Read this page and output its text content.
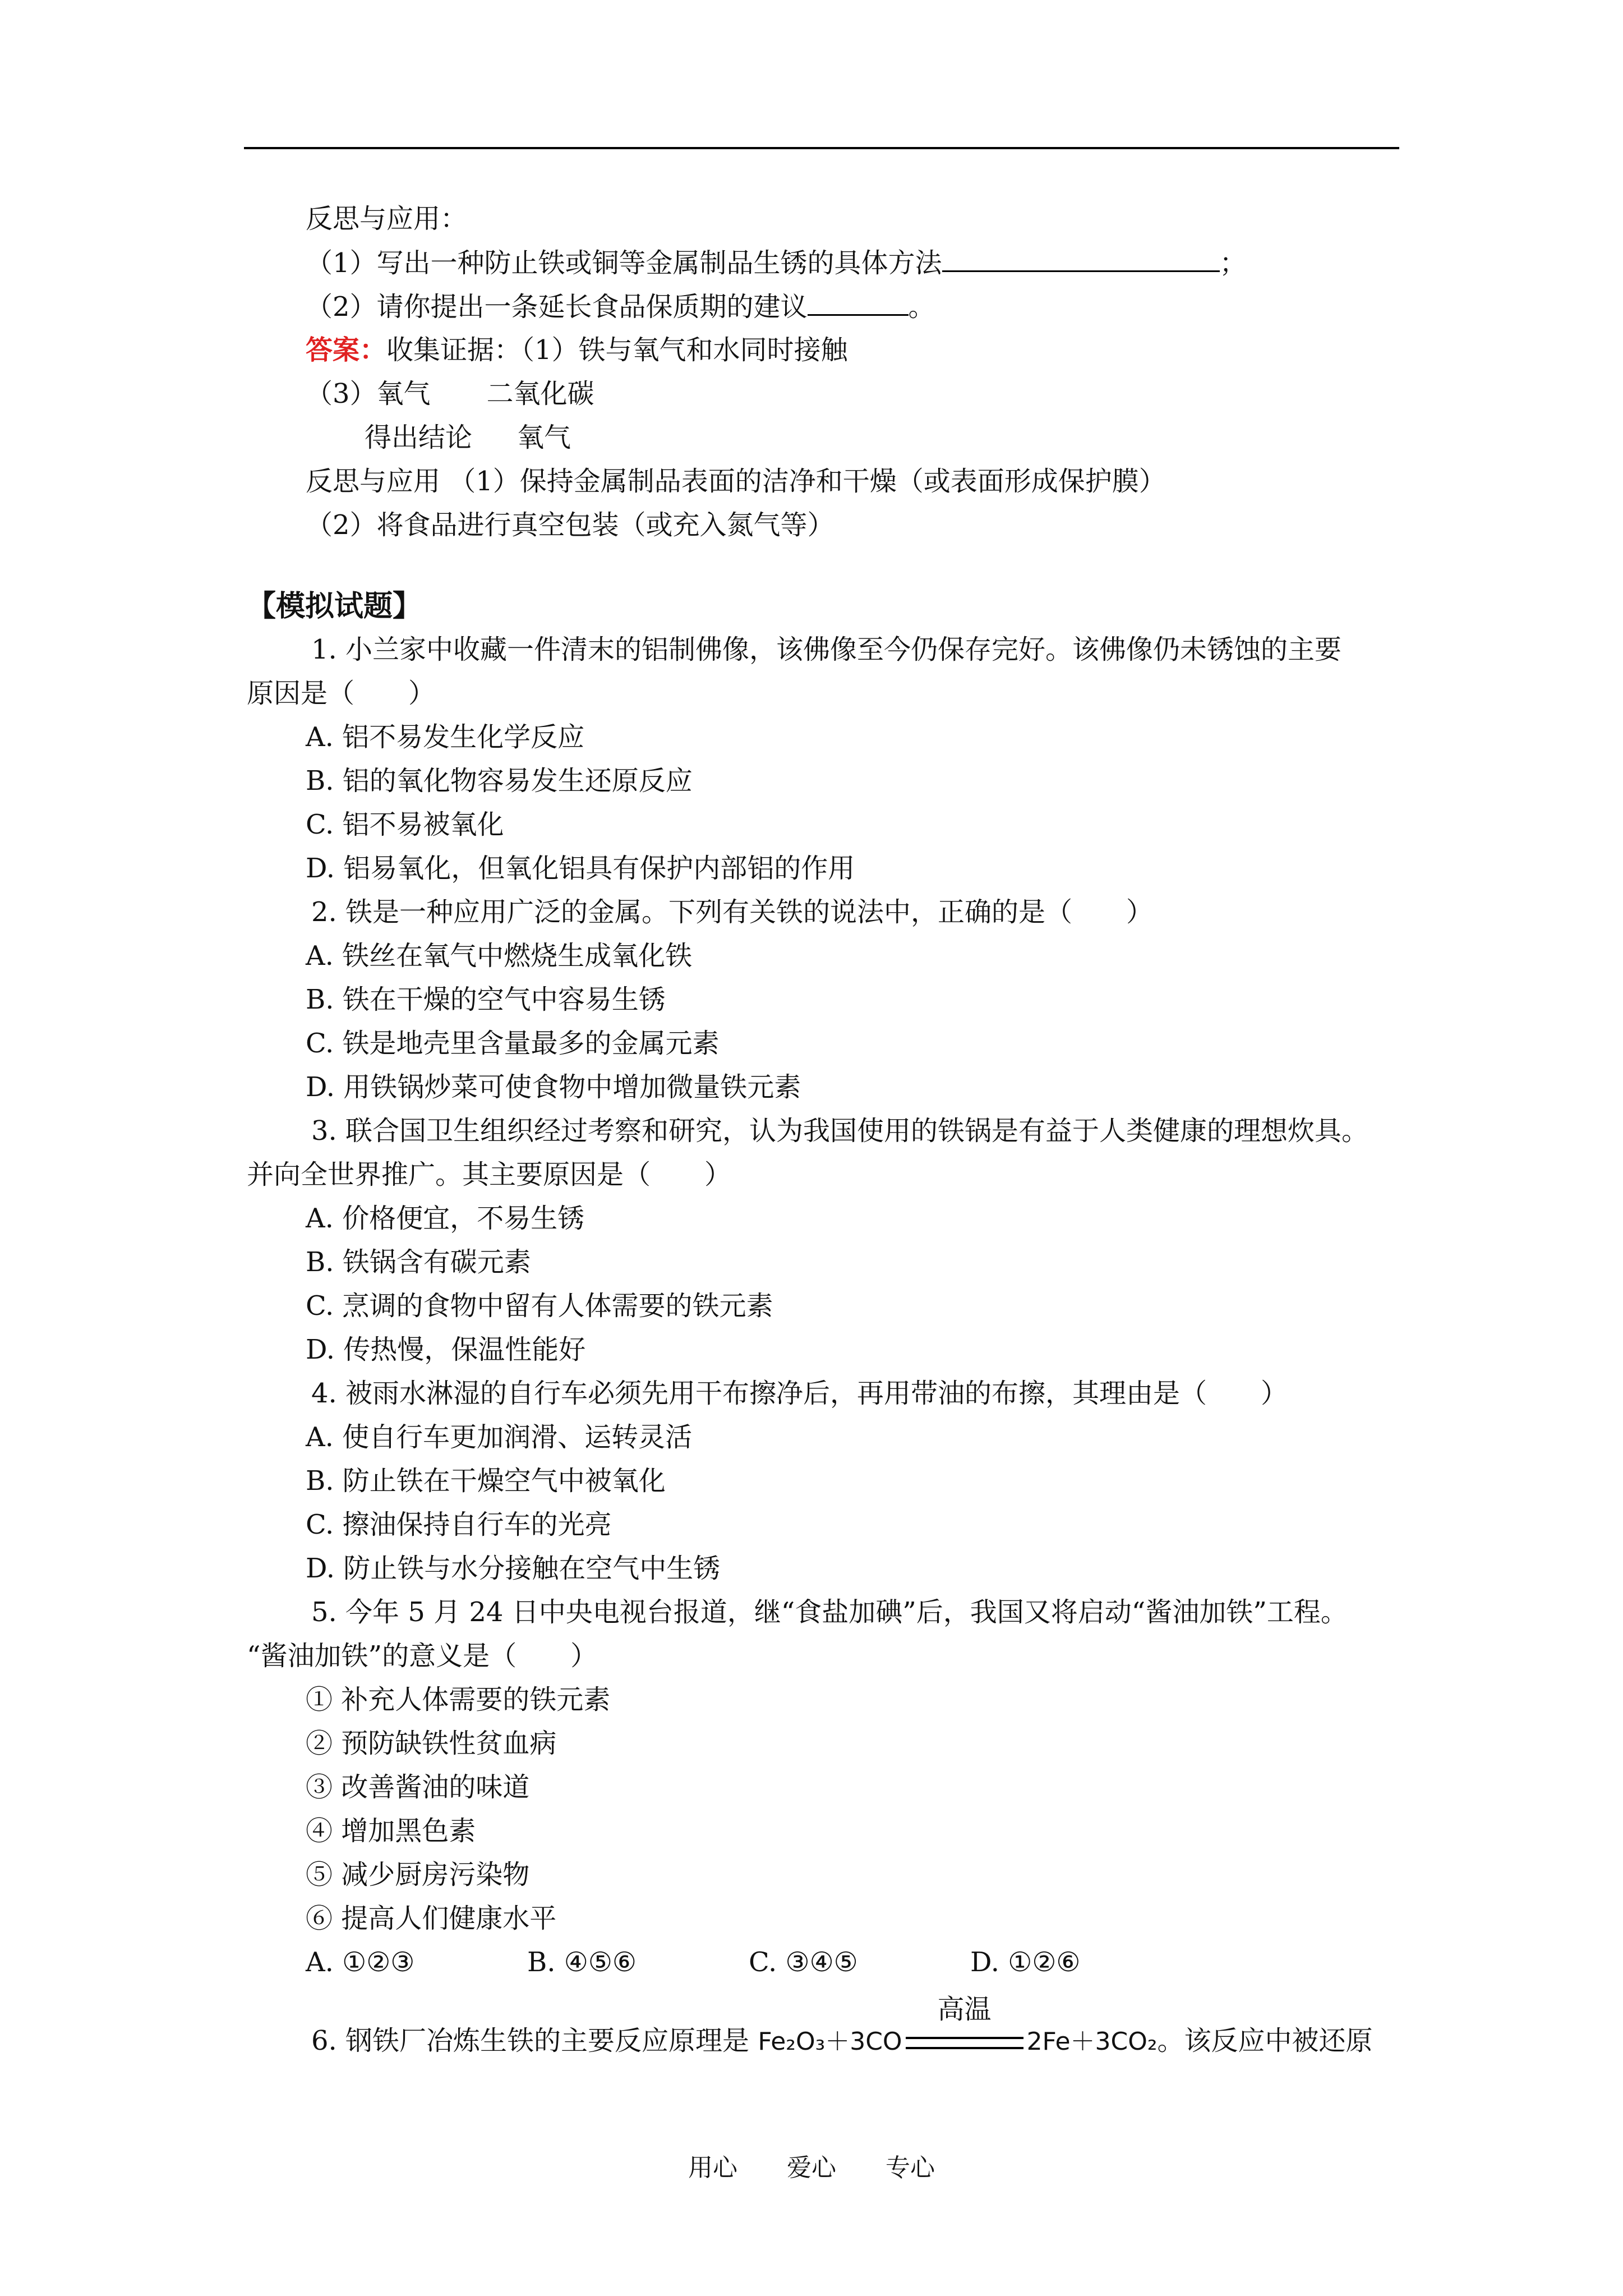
反思与应用：
（1）写出一种防止铁或铜等金属制品生锈的具体方法	；
（2）请你提出一条延长食品保质期的建议	。
答案：收集证据：（1）铁与氧气和水同时接触
（3）氧气 二氧化碳
得出结论 氧气
反思与应用 （1）保持金属制品表面的洁净和干燥（或表面形成保护膜）
（2）将食品进行真空包装（或充入氮气等）
【模拟试题】
1. 小兰家中收藏一件清末的铝制佛像，该佛像至今仍保存完好。该佛像仍未锈蚀的主要
原因是（　　）
A. 铝不易发生化学反应
B. 铝的氧化物容易发生还原反应
C. 铝不易被氧化
D. 铝易氧化，但氧化铝具有保护内部铝的作用
2. 铁是一种应用广泛的金属。下列有关铁的说法中，正确的是（　　）
A. 铁丝在氧气中燃烧生成氧化铁
B. 铁在干燥的空气中容易生锈
C. 铁是地壳里含量最多的金属元素
D. 用铁锅炒菜可使食物中增加微量铁元素
3. 联合国卫生组织经过考察和研究，认为我国使用的铁锅是有益于人类健康的理想炊具。
并向全世界推广。其主要原因是（　　）
A. 价格便宜，不易生锈
B. 铁锅含有碳元素
C. 烹调的食物中留有人体需要的铁元素
D. 传热慢，保温性能好
4. 被雨水淋湿的自行车必须先用干布擦净后，再用带油的布擦，其理由是（　　）
A. 使自行车更加润滑、运转灵活
B. 防止铁在干燥空气中被氧化
C. 擦油保持自行车的光亮
D. 防止铁与水分接触在空气中生锈
5. 今年 5 月 24 日中央电视台报道，继“食盐加碘”后，我国又将启动“酱油加铁”工程。
“酱油加铁”的意义是（　　）
① 补充人体需要的铁元素
② 预防缺铁性贫血病
③ 改善酱油的味道
④ 增加黑色素
⑤ 减少厨房污染物
⑥ 提高人们健康水平
A. ①②③	B. ④⑤⑥	C. ③④⑤	D. ①②⑥
6. 钢铁厂冶炼生铁的主要反应原理是 Fe₂O₃＋3CO
高温
2Fe＋3CO₂。该反应中被还原
用心 爱心 专心
